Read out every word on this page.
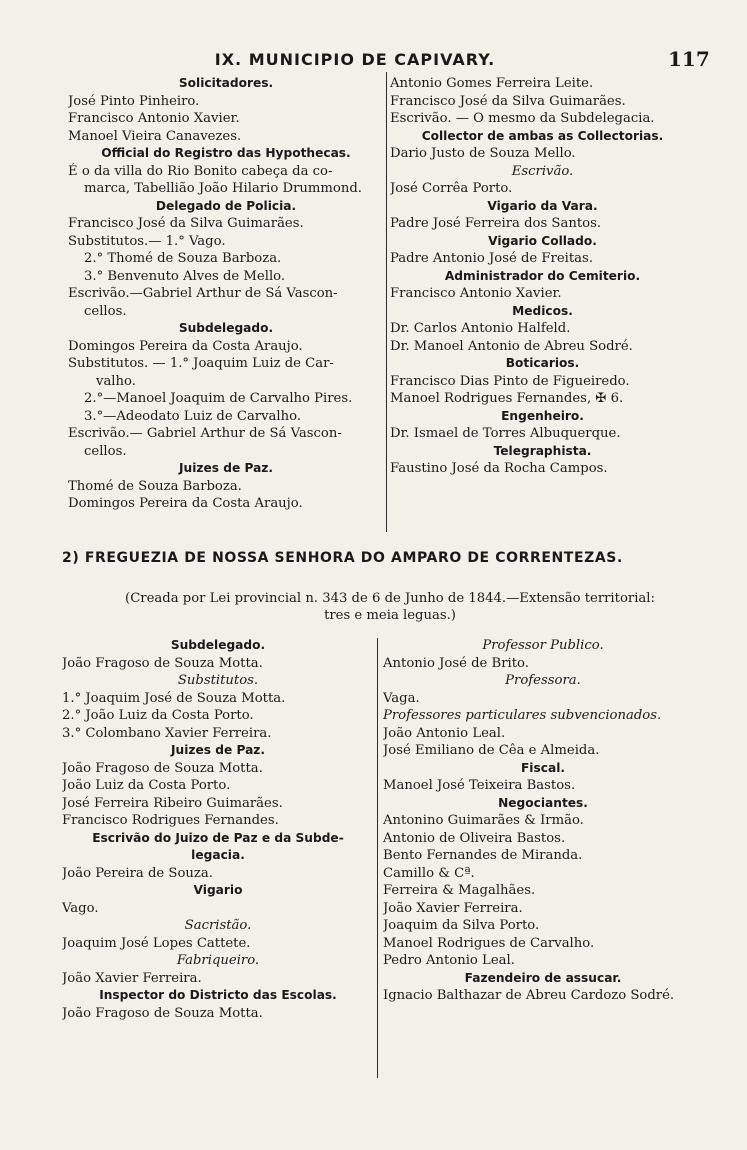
IX. MUNICIPIO DE CAPIVARY.	117
Solicitadores.
José Pinto Pinheiro.
Francisco Antonio Xavier.
Manoel Vieira Canavezes.
Official do Registro das Hypothecas.
É o da villa do Rio Bonito cabeça da co-
marca, Tabellião João Hilario Drummond.
Delegado de Policia.
Francisco José da Silva Guimarães.
Substitutos.— 1.° Vago.
2.° Thomé de Souza Barboza.
3.° Benvenuto Alves de Mello.
Escrivão.—Gabriel Arthur de Sá Vascon-
cellos.
Subdelegado.
Domingos Pereira da Costa Araujo.
Substitutos. — 1.° Joaquim Luiz de Car-
valho.
2.°—Manoel Joaquim de Carvalho Pires.
3.°—Adeodato Luiz de Carvalho.
Escrivão.— Gabriel Arthur de Sá Vascon-
cellos.
Juizes de Paz.
Thomé de Souza Barboza.
Domingos Pereira da Costa Araujo.
Antonio Gomes Ferreira Leite.
Francisco José da Silva Guimarães.
Escrivão. — O mesmo da Subdelegacia.
Collector de ambas as Collectorias.
Dario Justo de Souza Mello.
Escrivão.
José Corrêa Porto.
Vigario da Vara.
Padre José Ferreira dos Santos.
Vigario Collado.
Padre Antonio José de Freitas.
Administrador do Cemiterio.
Francisco Antonio Xavier.
Medicos.
Dr. Carlos Antonio Halfeld.
Dr. Manoel Antonio de Abreu Sodré.
Boticarios.
Francisco Dias Pinto de Figueiredo.
Manoel Rodrigues Fernandes, ✠ 6.
Engenheiro.
Dr. Ismael de Torres Albuquerque.
Telegraphista.
Faustino José da Rocha Campos.
2) FREGUEZIA DE NOSSA SENHORA DO AMPARO DE CORRENTEZAS.
(Creada por Lei provincial n. 343 de 6 de Junho de 1844.—Extensão territorial:
tres e meia leguas.)
Subdelegado.
João Fragoso de Souza Motta.
Substitutos.
1.° Joaquim José de Souza Motta.
2.° João Luiz da Costa Porto.
3.° Colombano Xavier Ferreira.
Juizes de Paz.
João Fragoso de Souza Motta.
João Luiz da Costa Porto.
José Ferreira Ribeiro Guimarães.
Francisco Rodrigues Fernandes.
Escrivão do Juizo de Paz e da Subde-
legacia.
João Pereira de Souza.
Vigario
Vago.
Sacristão.
Joaquim José Lopes Cattete.
Fabriqueiro.
João Xavier Ferreira.
Inspector do Districto das Escolas.
João Fragoso de Souza Motta.
Professor Publico.
Antonio José de Brito.
Professora.
Vaga.
Professores particulares subvencionados.
João Antonio Leal.
José Emiliano de Cêa e Almeida.
Fiscal.
Manoel José Teixeira Bastos.
Negociantes.
Antonino Guimarães & Irmão.
Antonio de Oliveira Bastos.
Bento Fernandes de Miranda.
Camillo & Cª.
Ferreira & Magalhães.
João Xavier Ferreira.
Joaquim da Silva Porto.
Manoel Rodrigues de Carvalho.
Pedro Antonio Leal.
Fazendeiro de assucar.
Ignacio Balthazar de Abreu Cardozo Sodré.
